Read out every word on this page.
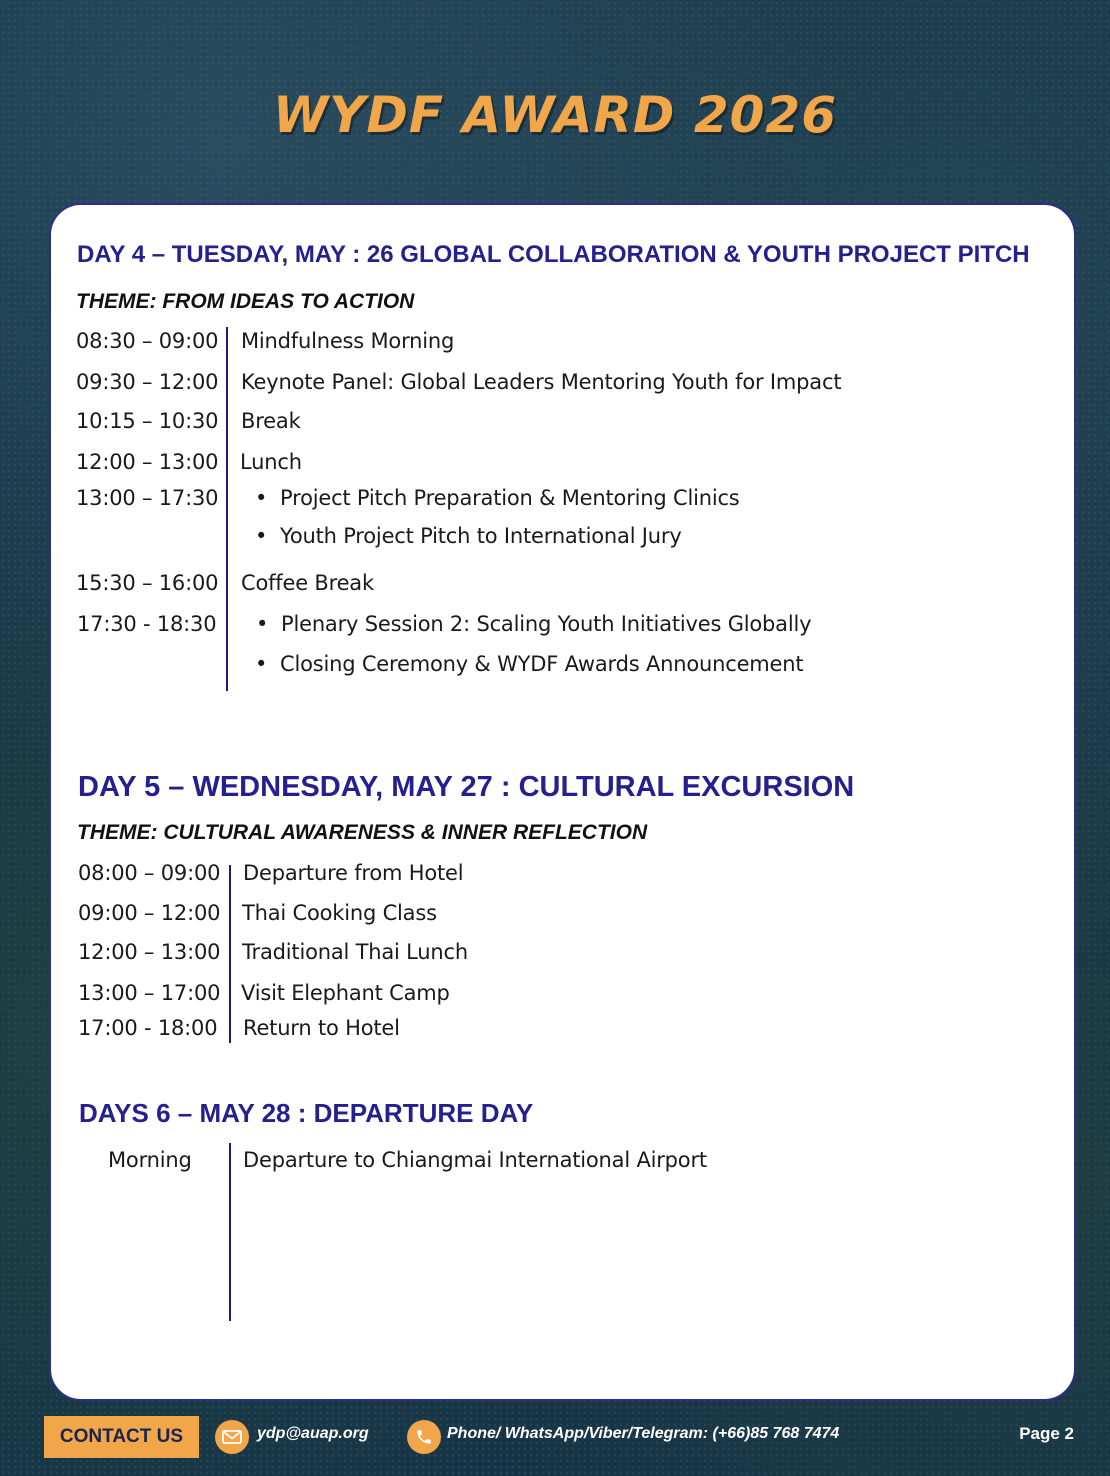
WYDF AWARD 2026
DAY 4 – TUESDAY, MAY : 26 GLOBAL COLLABORATION & YOUTH PROJECT PITCH
THEME: FROM IDEAS TO ACTION
08:30 – 09:00 Mindfulness Morning
09:30 – 12:00 Keynote Panel: Global Leaders Mentoring Youth for Impact
10:15 – 10:30 Break
12:00 – 13:00 Lunch
13:00 – 17:30	• Project Pitch Preparation & Mentoring Clinics
• Youth Project Pitch to International Jury
15:30 – 16:00 Coffee Break
17:30 - 18:30	• Plenary Session 2: Scaling Youth Initiatives Globally
• Closing Ceremony & WYDF Awards Announcement
DAY 5 – WEDNESDAY, MAY 27 : CULTURAL EXCURSION
THEME: CULTURAL AWARENESS & INNER REFLECTION
08:00 – 09:00 Departure from Hotel
09:00 – 12:00 Thai Cooking Class
12:00 – 13:00 Traditional Thai Lunch
13:00 – 17:00 Visit Elephant Camp
17:00 - 18:00 Return to Hotel
DAYS 6 – MAY 28 : DEPARTURE DAY
Morning Departure to Chiangmai International Airport
CONTACT US	ydp@auap.org	Phone/ WhatsApp/Viber/Telegram: (+66)85 768 7474	Page 2
